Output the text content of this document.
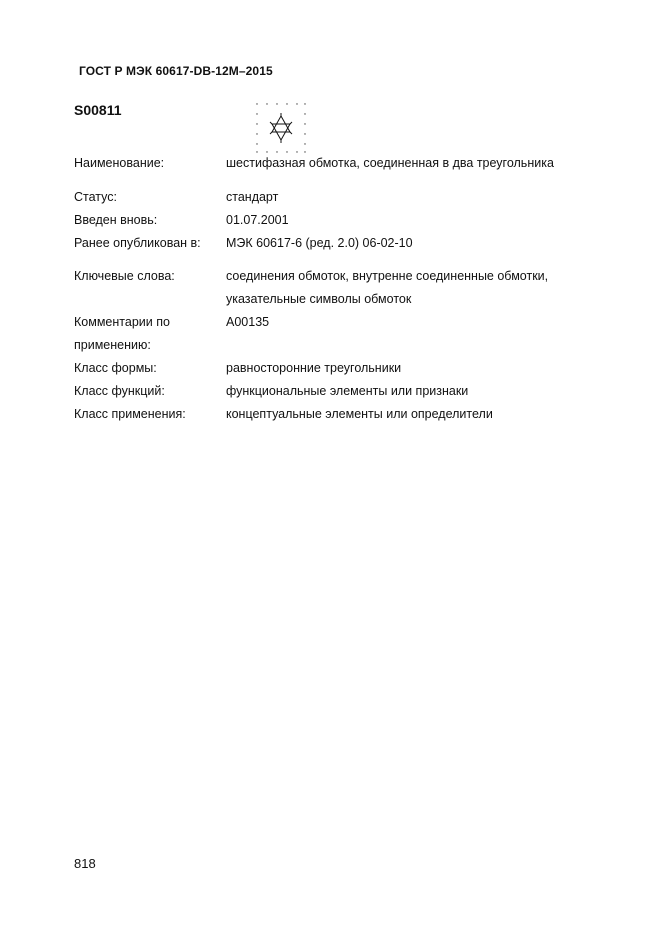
ГОСТ Р МЭК 60617-DB-12M–2015
S00811
Наименование:	шестифазная обмотка, соединенная в два треугольника
Статус:	стандарт
Введен вновь:	01.07.2001
Ранее опубликован в: МЭК 60617-6 (ред. 2.0) 06-02-10
Ключевые слова:	соединения обмоток, внутренне соединенные обмотки,
указательные символы обмоток
Комментарии по	A00135
применению:
Класс формы:	равносторонние треугольники
Класс функций:	функциональные элементы или признаки
Класс применения:	концептуальные элементы или определители
818
